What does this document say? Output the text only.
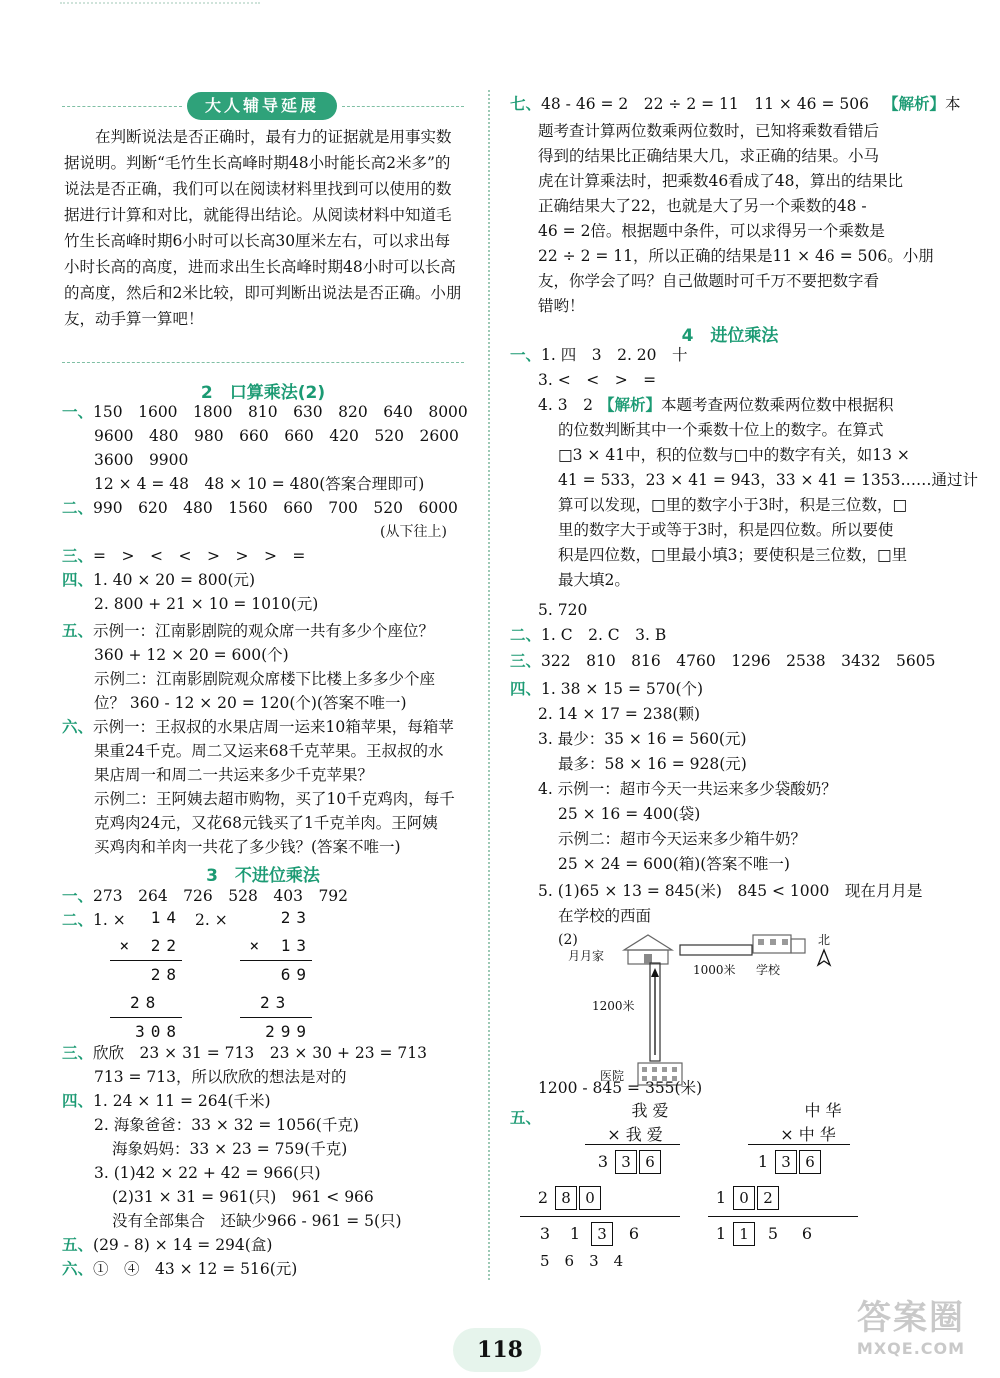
大人辅导延展

在判断说法是否正确时，最有力的证据就是用事实数据说明。判断“毛竹生长高峰时期48小时能长高2米多”的说法是否正确，我们可以在阅读材料里找到可以使用的数据进行计算和对比，就能得出结论。从阅读材料中知道毛竹生长高峰时期6小时可以长高30厘米左右，可以求出每小时长高的高度，进而求出生长高峰时期48小时可以长高的高度，然后和2米比较，即可判断出说法是否正确。小朋友，动手算一算吧！

2　口算乘法(2)
一、150　1600　1800　810　630　820　640　8000
9600　480　980　660　660　420　520　2600
3600　9900
12 × 4 = 48　48 × 10 = 480(答案合理即可)
二、990　620　480　1560　660　700　520　6000
(从下往上)
三、=　>　<　<　>　>　>　=
四、1. 40 × 20 = 800(元)
2. 800 + 21 × 10 = 1010(元)
五、示例一：江南影剧院的观众席一共有多少个座位？
360 + 12 × 20 = 600(个)
示例二：江南影剧院观众席楼下比楼上多多少个座
位？ 360 - 12 × 20 = 120(个)(答案不唯一)
六、示例一：王叔叔的水果店周一运来10箱苹果，每箱苹
果重24千克。周二又运来68千克苹果。王叔叔的水
果店周一和周二一共运来多少千克苹果？
示例二：王阿姨去超市购物，买了10千克鸡肉，每千
克鸡肉24元，又花68元钱买了1千克羊肉。王阿姨
买鸡肉和羊肉一共花了多少钱？(答案不唯一)
3　不进位乘法
一、273　264　726　528　403　792
二、1. ×	2. ×
14
× 22
28
28
308
23
× 13
69
23
299
三、欣欣　23 × 31 = 713　23 × 30 + 23 = 713
713 = 713，所以欣欣的想法是对的
四、1. 24 × 11 = 264(千米)
2. 海象爸爸：33 × 32 = 1056(千克)
海象妈妈：33 × 23 = 759(千克)
3. (1)42 × 22 + 42 = 966(只)
(2)31 × 31 = 961(只)　961 < 966
没有全部集合　还缺少966 - 961 = 5(只)
五、(29 - 8) × 14 = 294(盒)
六、①　④　43 × 12 = 516(元)
七、48 - 46 = 2　22 ÷ 2 = 11　11 × 46 = 506 【解析】本
题考查计算两位数乘两位数时，已知将乘数看错后
得到的结果比正确结果大几，求正确的结果。小马
虎在计算乘法时，把乘数46看成了48，算出的结果比
正确结果大了22，也就是大了另一个乘数的48 -
46 = 2倍。根据题中条件，可以求得另一个乘数是
22 ÷ 2 = 11，所以正确的结果是11 × 46 = 506。小朋
友，你学会了吗？自己做题时可千万不要把数字看
错哟！
4　进位乘法
一、1. 四　3　2. 20　十
3. <　<　>　=
4. 3　2 【解析】本题考查两位数乘两位数中根据积
的位数判断其中一个乘数十位上的数字。在算式
□3 × 41中，积的位数与□中的数字有关，如13 ×
41 = 533，23 × 41 = 943，33 × 41 = 1353……通过计
算可以发现，□里的数字小于3时，积是三位数，□
里的数字大于或等于3时，积是四位数。所以要使
积是四位数，□里最小填3；要使积是三位数，□里
最大填2。
5. 720
二、1. C　2. C　3. B
三、322　810　816　4760　1296　2538　3432　5605
四、1. 38 × 15 = 570(个)
2. 14 × 17 = 238(颗)
3. 最少：35 × 16 = 560(元)
最多：58 × 16 = 928(元)
4. 示例一：超市今天一共运来多少袋酸奶？
25 × 16 = 400(袋)
示例二：超市今天运来多少箱牛奶？
25 × 24 = 600(箱)(答案不唯一)
5. (1)65 × 13 = 845(米)　845 < 1000　现在月月是
在学校的西面
(2)
月月家
1000米 学校
北
1200米
医院
1200 - 845 = 355(米)
五、	我 爱
× 我 爱
3 3 6
2 8 0
3 1 3 6
中 华
× 中 华
1 3 6
1 0 2
1 1 5 6
5　6　3　4
118
答案圈
MXQE.COM
